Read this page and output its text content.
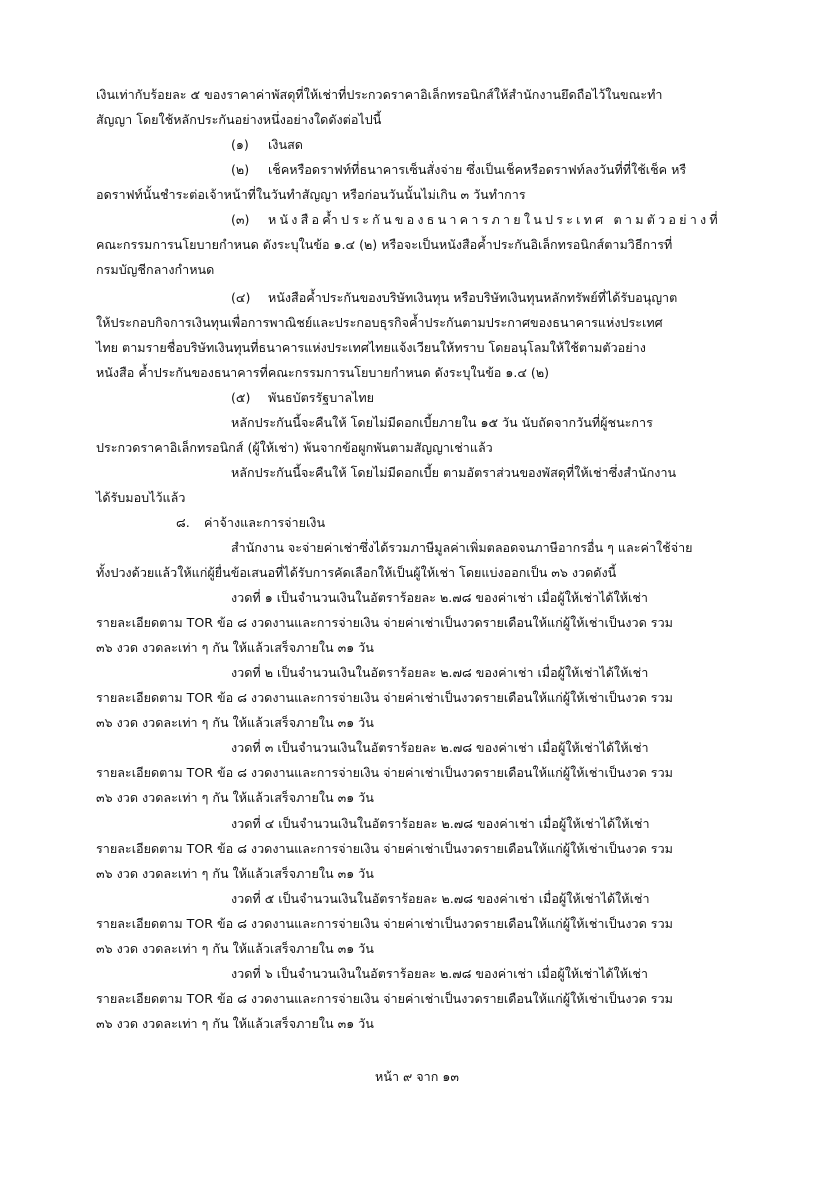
เงินเท่ากับร้อยละ ๕ ของราคาค่าพัสดุที่ให้เช่าที่ประกวดราคาอิเล็กทรอนิกส์ให้สำนักงานยึดถือไว้ในขณะทำ
สัญญา โดยใช้หลักประกันอย่างหนึ่งอย่างใดดังต่อไปนี้
(๑) เงินสด
(๒) เช็คหรือดราฟท์ที่ธนาคารเซ็นสั่งจ่าย ซึ่งเป็นเช็คหรือดราฟท์ลงวันที่ที่ใช้เช็ค หรื
อดราฟท์นั้นชำระต่อเจ้าหน้าที่ในวันทำสัญญา หรือก่อนวันนั้นไม่เกิน ๓ วันทำการ
(๓) หนังสือค้ำประกันของธนาคารภายในประเทศ ตามตัวอย่างที่
คณะกรรมการนโยบายกำหนด ดังระบุในข้อ ๑.๔ (๒) หรือจะเป็นหนังสือค้ำประกันอิเล็กทรอนิกส์ตามวิธีการที่
กรมบัญชีกลางกำหนด
(๔) หนังสือค้ำประกันของบริษัทเงินทุน หรือบริษัทเงินทุนหลักทรัพย์ที่ได้รับอนุญาต
ให้ประกอบกิจการเงินทุนเพื่อการพาณิชย์และประกอบธุรกิจค้ำประกันตามประกาศของธนาคารแห่งประเทศ
ไทย ตามรายชื่อบริษัทเงินทุนที่ธนาคารแห่งประเทศไทยแจ้งเวียนให้ทราบ โดยอนุโลมให้ใช้ตามตัวอย่าง
หนังสือ ค้ำประกันของธนาคารที่คณะกรรมการนโยบายกำหนด ดังระบุในข้อ ๑.๔ (๒)
(๕) พันธบัตรรัฐบาลไทย
หลักประกันนี้จะคืนให้ โดยไม่มีดอกเบี้ยภายใน ๑๕ วัน นับถัดจากวันที่ผู้ชนะการ
ประกวดราคาอิเล็กทรอนิกส์ (ผู้ให้เช่า) พ้นจากข้อผูกพันตามสัญญาเช่าแล้ว
หลักประกันนี้จะคืนให้ โดยไม่มีดอกเบี้ย ตามอัตราส่วนของพัสดุที่ให้เช่าซึ่งสำนักงาน
ได้รับมอบไว้แล้ว
๘. ค่าจ้างและการจ่ายเงิน
สำนักงาน จะจ่ายค่าเช่าซึ่งได้รวมภาษีมูลค่าเพิ่มตลอดจนภาษีอากรอื่น ๆ และค่าใช้จ่าย
ทั้งปวงด้วยแล้วให้แก่ผู้ยื่นข้อเสนอที่ได้รับการคัดเลือกให้เป็นผู้ให้เช่า โดยแบ่งออกเป็น ๓๖ งวดดังนี้
งวดที่ ๑ เป็นจำนวนเงินในอัตราร้อยละ ๒.๗๘ ของค่าเช่า เมื่อผู้ให้เช่าได้ให้เช่า
รายละเอียดตาม TOR ข้อ ๘ งวดงานและการจ่ายเงิน จ่ายค่าเช่าเป็นงวดรายเดือนให้แก่ผู้ให้เช่าเป็นงวด รวม
๓๖ งวด งวดละเท่า ๆ กัน ให้แล้วเสร็จภายใน ๓๑ วัน
งวดที่ ๒ เป็นจำนวนเงินในอัตราร้อยละ ๒.๗๘ ของค่าเช่า เมื่อผู้ให้เช่าได้ให้เช่า
รายละเอียดตาม TOR ข้อ ๘ งวดงานและการจ่ายเงิน จ่ายค่าเช่าเป็นงวดรายเดือนให้แก่ผู้ให้เช่าเป็นงวด รวม
๓๖ งวด งวดละเท่า ๆ กัน ให้แล้วเสร็จภายใน ๓๑ วัน
งวดที่ ๓ เป็นจำนวนเงินในอัตราร้อยละ ๒.๗๘ ของค่าเช่า เมื่อผู้ให้เช่าได้ให้เช่า
รายละเอียดตาม TOR ข้อ ๘ งวดงานและการจ่ายเงิน จ่ายค่าเช่าเป็นงวดรายเดือนให้แก่ผู้ให้เช่าเป็นงวด รวม
๓๖ งวด งวดละเท่า ๆ กัน ให้แล้วเสร็จภายใน ๓๑ วัน
งวดที่ ๔ เป็นจำนวนเงินในอัตราร้อยละ ๒.๗๘ ของค่าเช่า เมื่อผู้ให้เช่าได้ให้เช่า
รายละเอียดตาม TOR ข้อ ๘ งวดงานและการจ่ายเงิน จ่ายค่าเช่าเป็นงวดรายเดือนให้แก่ผู้ให้เช่าเป็นงวด รวม
๓๖ งวด งวดละเท่า ๆ กัน ให้แล้วเสร็จภายใน ๓๑ วัน
งวดที่ ๕ เป็นจำนวนเงินในอัตราร้อยละ ๒.๗๘ ของค่าเช่า เมื่อผู้ให้เช่าได้ให้เช่า
รายละเอียดตาม TOR ข้อ ๘ งวดงานและการจ่ายเงิน จ่ายค่าเช่าเป็นงวดรายเดือนให้แก่ผู้ให้เช่าเป็นงวด รวม
๓๖ งวด งวดละเท่า ๆ กัน ให้แล้วเสร็จภายใน ๓๑ วัน
งวดที่ ๖ เป็นจำนวนเงินในอัตราร้อยละ ๒.๗๘ ของค่าเช่า เมื่อผู้ให้เช่าได้ให้เช่า
รายละเอียดตาม TOR ข้อ ๘ งวดงานและการจ่ายเงิน จ่ายค่าเช่าเป็นงวดรายเดือนให้แก่ผู้ให้เช่าเป็นงวด รวม
๓๖ งวด งวดละเท่า ๆ กัน ให้แล้วเสร็จภายใน ๓๑ วัน
หน้า ๙ จาก ๑๓
